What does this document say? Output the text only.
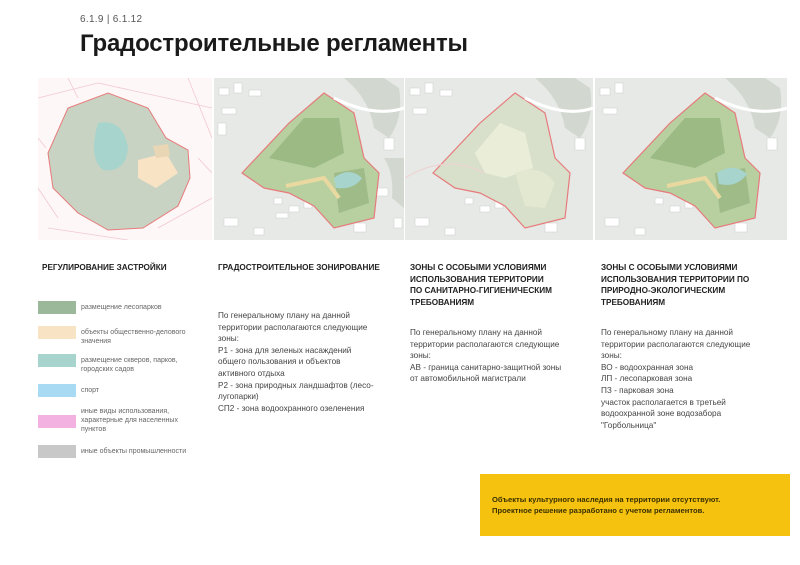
6.1.9 | 6.1.12
Градостроительные регламенты
РЕГУЛИРОВАНИЕ ЗАСТРОЙКИ
размещение лесопарков
объекты общественно-делового значения
размещение скверов, парков, городских садов
спорт
иные виды использования, характерные для населенных пунктов
иные объекты промышленности
ГРАДОСТРОИТЕЛЬНОЕ ЗОНИРОВАНИЕ
По генеральному плану на данной
территории располагаются следующие
зоны:
Р1 - зона для зеленых насаждений
общего пользования и объектов
активного отдыха
Р2 - зона природных ландшафтов (лесо-
лугопарки)
СП2 - зона водоохранного озеленения
ЗОНЫ С ОСОБЫМИ УСЛОВИЯМИ
ИСПОЛЬЗОВАНИЯ ТЕРРИТОРИИ
ПО САНИТАРНО-ГИГИЕНИЧЕСКИМ
ТРЕБОВАНИЯМ
По генеральному плану на данной
территории располагаются следующие
зоны:
АВ - граница санитарно-защитной зоны
от автомобильной магистрали
ЗОНЫ С ОСОБЫМИ УСЛОВИЯМИ
ИСПОЛЬЗОВАНИЯ ТЕРРИТОРИИ ПО
ПРИРОДНО-ЭКОЛОГИЧЕСКИМ
ТРЕБОВАНИЯМ
По генеральному плану на данной
территории располагаются следующие
зоны:
ВО - водоохранная зона
ЛП - лесопарковая зона
ПЗ - парковая зона
участок располагается в третьей
водоохранной зоне водозабора
"Горбольница"
Объекты культурного наследия на территории отсутствуют.
Проектное решение разработано с учетом регламентов.
